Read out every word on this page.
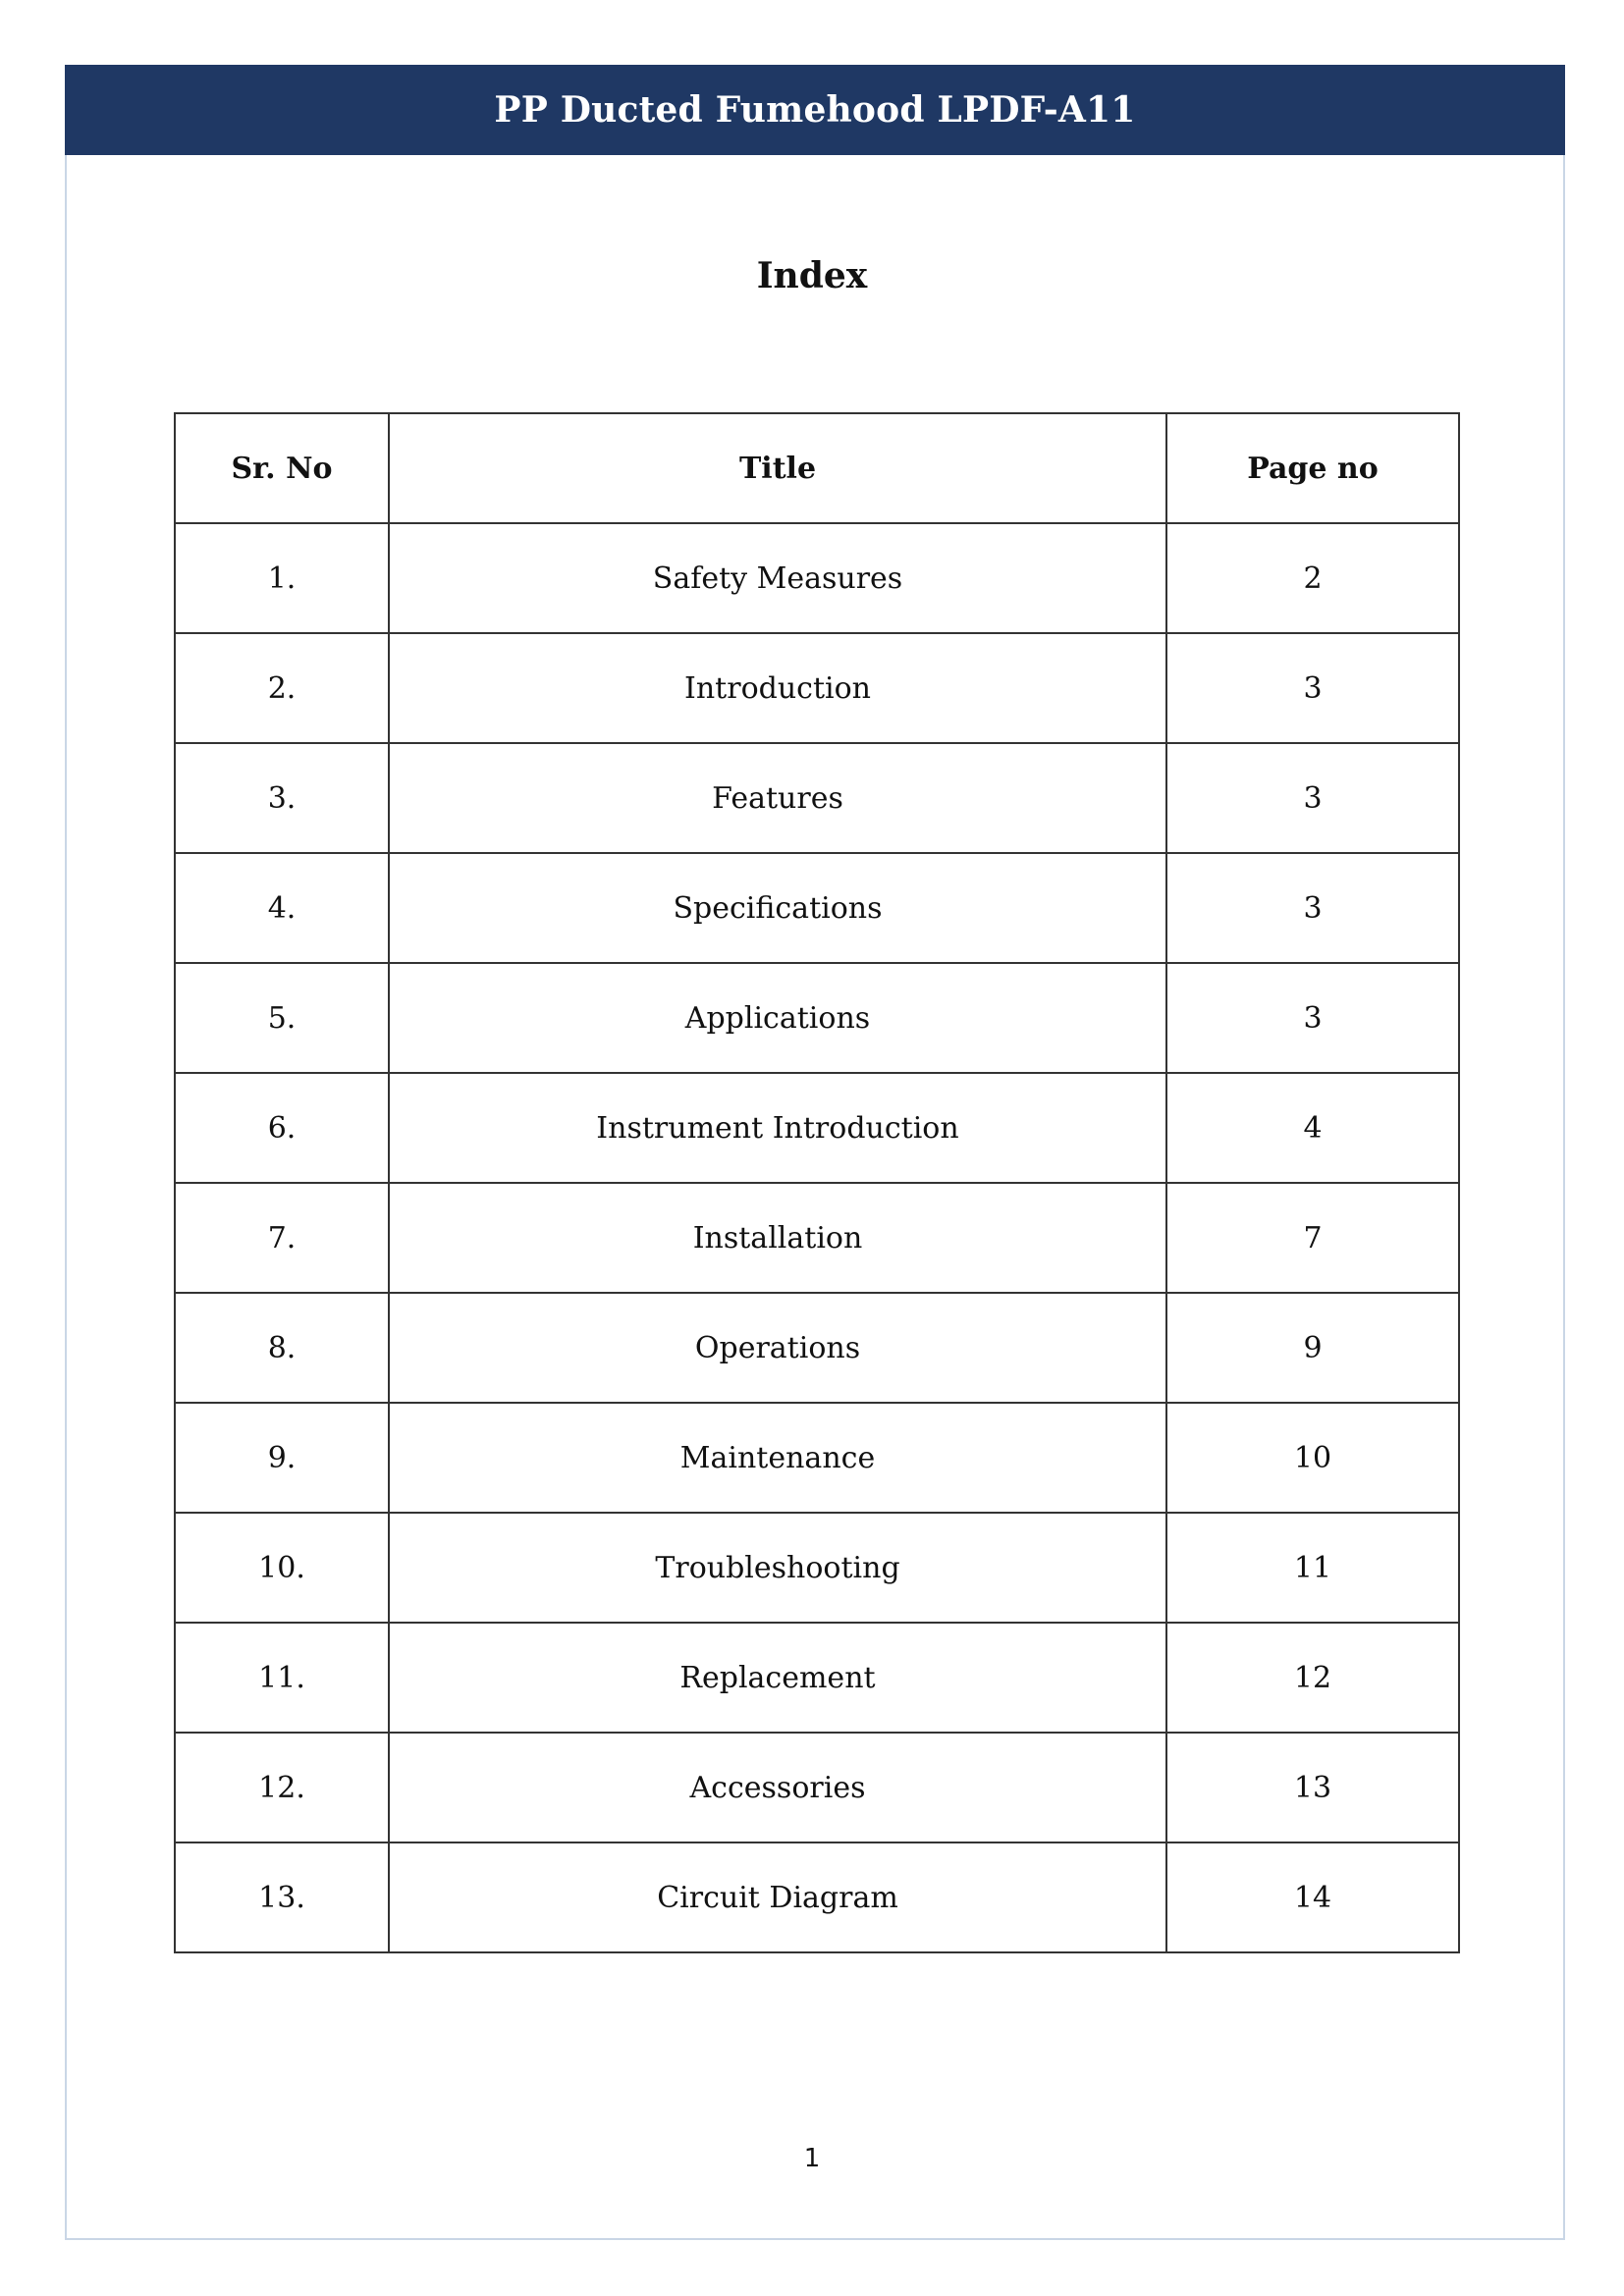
PP Ducted Fumehood LPDF-A11
Index
Sr. No	Title	Page no
1.	Safety Measures	2
2.	Introduction	3
3.	Features	3
4.	Specifications	3
5.	Applications	3
6.	Instrument Introduction	4
7.	Installation	7
8.	Operations	9
9.	Maintenance	10
10.	Troubleshooting	11
11.	Replacement	12
12.	Accessories	13
13.	Circuit Diagram	14
1
